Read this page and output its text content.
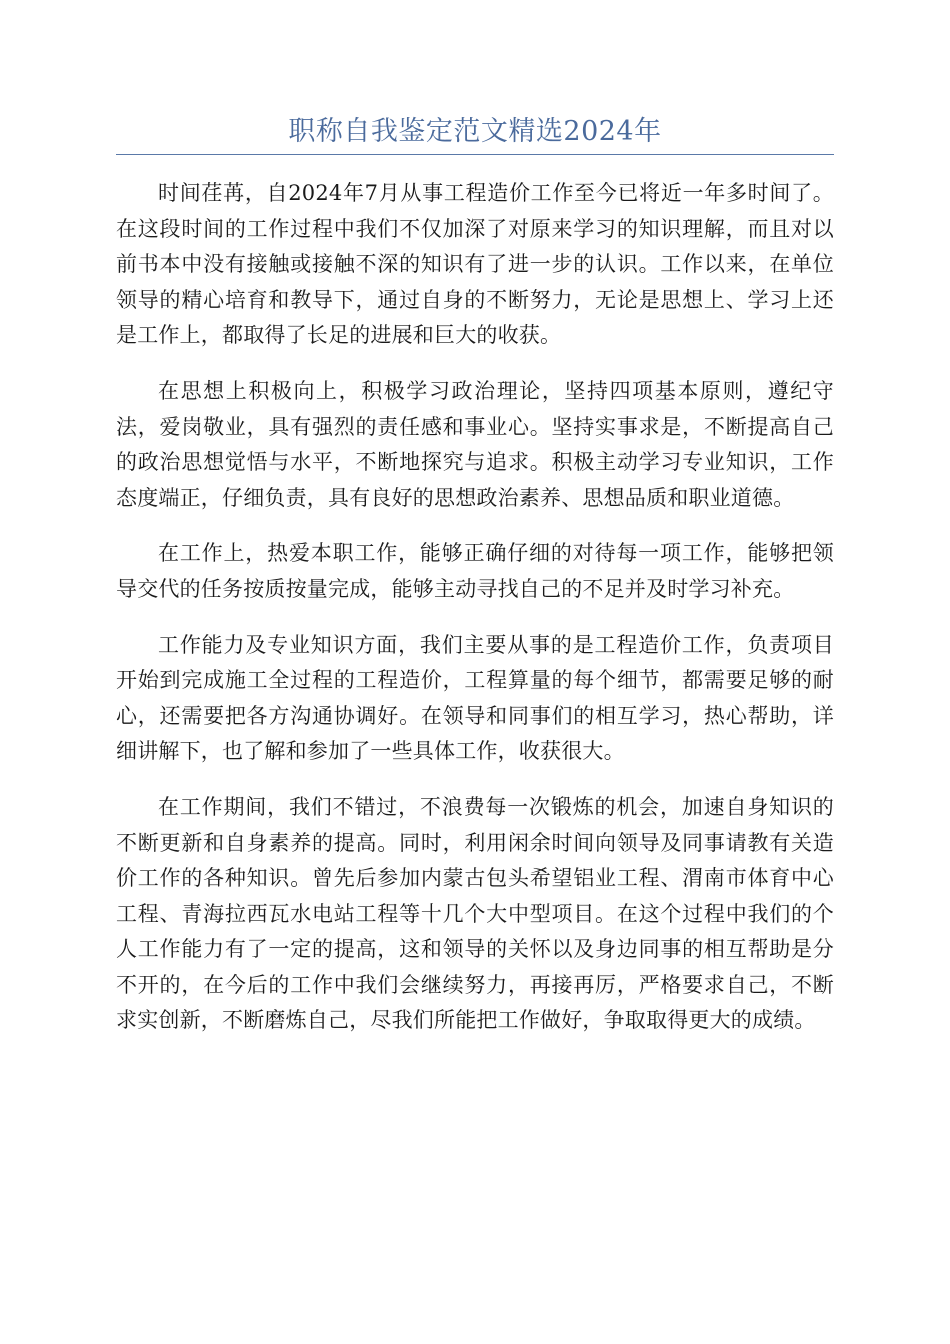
职称自我鉴定范文精选2024年

时间荏苒，自2024年7月从事工程造价工作至今已将近一年多时间了。在这段时间的工作过程中我们不仅加深了对原来学习的知识理解，而且对以前书本中没有接触或接触不深的知识有了进一步的认识。工作以来，在单位领导的精心培育和教导下，通过自身的不断努力，无论是思想上、学习上还是工作上，都取得了长足的进展和巨大的收获。

在思想上积极向上，积极学习政治理论，坚持四项基本原则，遵纪守法，爱岗敬业，具有强烈的责任感和事业心。坚持实事求是，不断提高自己的政治思想觉悟与水平，不断地探究与追求。积极主动学习专业知识，工作态度端正，仔细负责，具有良好的思想政治素养、思想品质和职业道德。

在工作上，热爱本职工作，能够正确仔细的对待每一项工作，能够把领导交代的任务按质按量完成，能够主动寻找自己的不足并及时学习补充。

工作能力及专业知识方面，我们主要从事的是工程造价工作，负责项目开始到完成施工全过程的工程造价，工程算量的每个细节，都需要足够的耐心，还需要把各方沟通协调好。在领导和同事们的相互学习，热心帮助，详细讲解下，也了解和参加了一些具体工作，收获很大。

在工作期间，我们不错过，不浪费每一次锻炼的机会，加速自身知识的不断更新和自身素养的提高。同时，利用闲余时间向领导及同事请教有关造价工作的各种知识。曾先后参加内蒙古包头希望铝业工程、渭南市体育中心工程、青海拉西瓦水电站工程等十几个大中型项目。在这个过程中我们的个人工作能力有了一定的提高，这和领导的关怀以及身边同事的相互帮助是分不开的，在今后的工作中我们会继续努力，再接再厉，严格要求自己，不断求实创新，不断磨炼自己，尽我们所能把工作做好，争取取得更大的成绩。
